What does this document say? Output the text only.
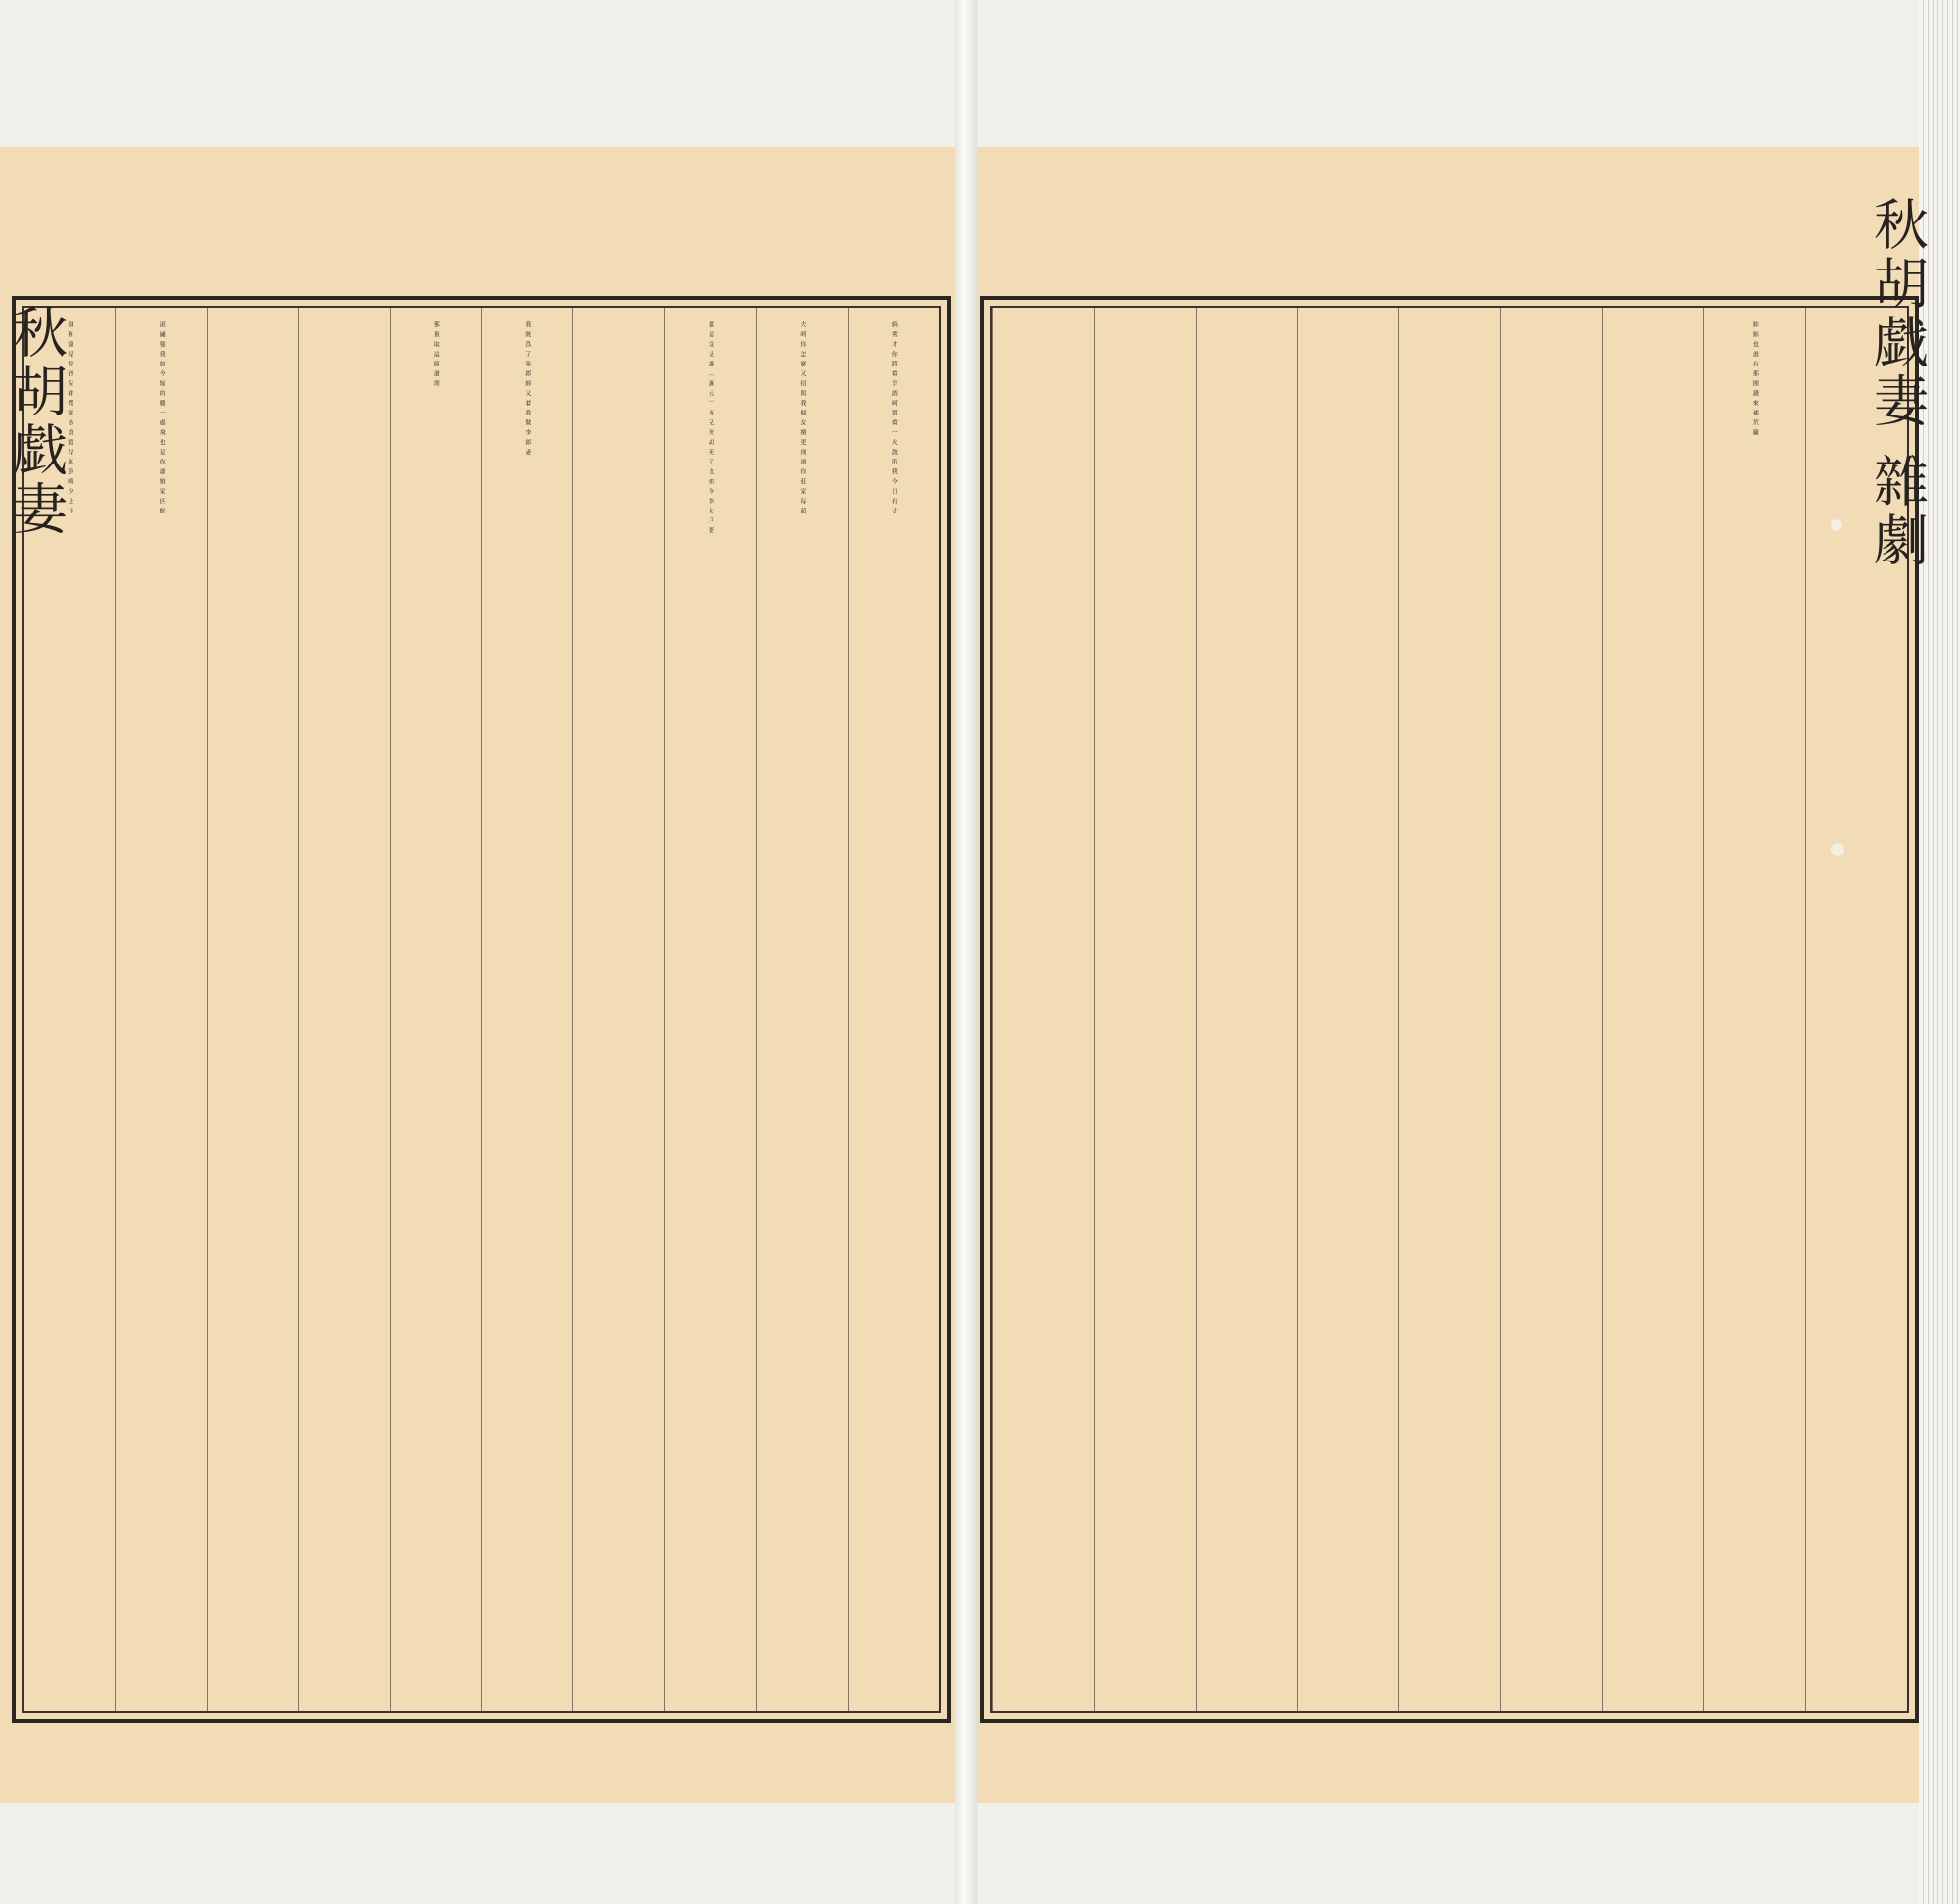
倘秀才你將着羊酒呵領着一火鼓笛我今日有丈
夫呵你怎麼又招與我個女婿更則道你莊家每葫
蘆提沒見識〔羅云〕孩兒秋胡死了也如今李大戶要
我既爲了張郎婦又着我做李郎妻
那裏取這般道理
滚繡毬我如今嫁的雞一處飛也是你爺娘家匹配
貧和富是您孩兒裙帶頭衣食從早起到晚夕上下
秋胡戯妻	妳妳也誰有那閒錢來補笊籬 秋胡戯妻 雜劇
